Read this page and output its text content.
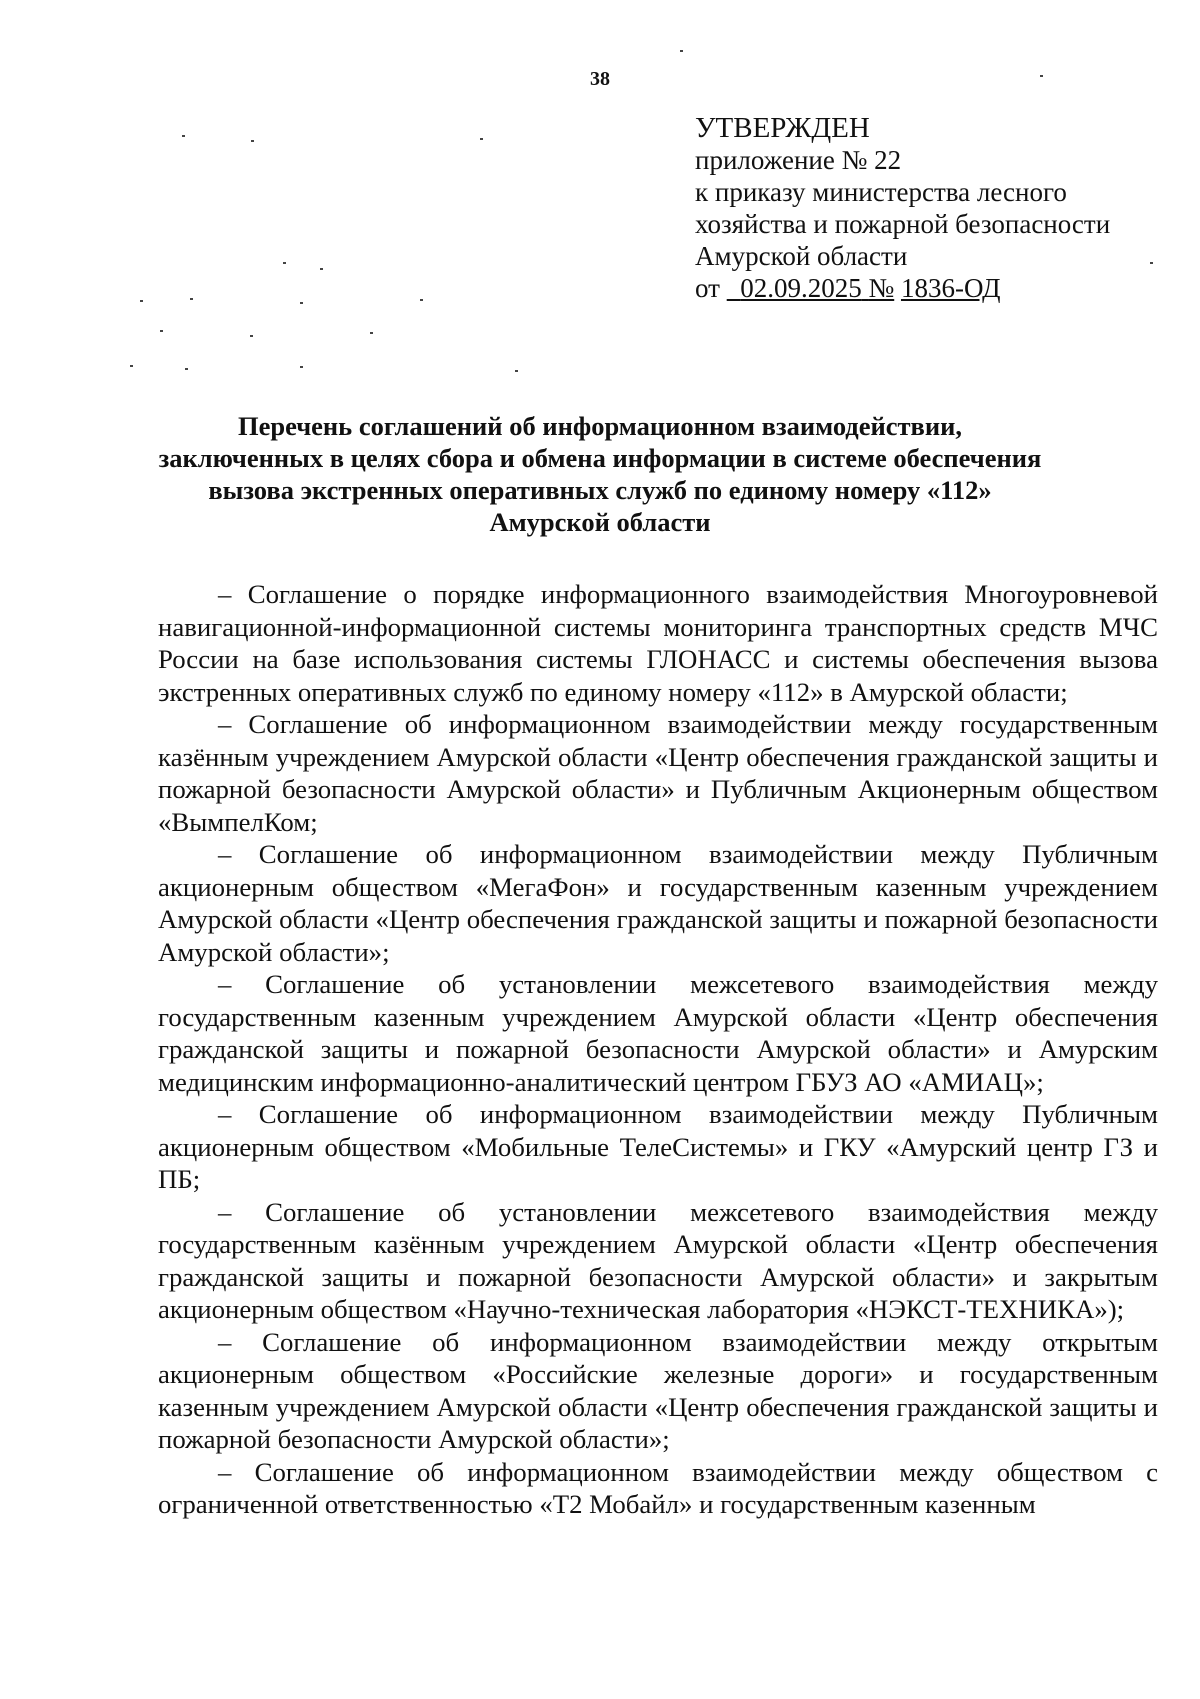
38
УТВЕРЖДЕН
приложение № 22
к приказу министерства лесного
хозяйства и пожарной безопасности
Амурской области
от 02.09.2025 № 1836-ОД
Перечень соглашений об информационном взаимодействии,
заключенных в целях сбора и обмена информации в системе обеспечения
вызова экстренных оперативных служб по единому номеру «112»
Амурской области

– Соглашение о порядке информационного взаимодействия Многоуровневой навигационной-информационной системы мониторинга транспортных средств МЧС России на базе использования системы ГЛОНАСС и системы обеспечения вызова экстренных оперативных служб по единому номеру «112» в Амурской области;

– Соглашение об информационном взаимодействии между государственным казённым учреждением Амурской области «Центр обеспечения гражданской защиты и пожарной безопасности Амурской области» и Публичным Акционерным обществом «ВымпелКом;

– Соглашение об информационном взаимодействии между Публичным акционерным обществом «МегаФон» и государственным казенным учреждением Амурской области «Центр обеспечения гражданской защиты и пожарной безопасности Амурской области»;

– Соглашение об установлении межсетевого взаимодействия между государственным казенным учреждением Амурской области «Центр обеспечения гражданской защиты и пожарной безопасности Амурской области» и Амурским медицинским информационно-аналитический центром ГБУЗ АО «АМИАЦ»;

– Соглашение об информационном взаимодействии между Публичным акционерным обществом «Мобильные ТелеСистемы» и ГКУ «Амурский центр ГЗ и ПБ;

– Соглашение об установлении межсетевого взаимодействия между государственным казённым учреждением Амурской области «Центр обеспечения гражданской защиты и пожарной безопасности Амурской области» и закрытым акционерным обществом «Научно-техническая лаборатория «НЭКСТ-ТЕХНИКА»);

– Соглашение об информационном взаимодействии между открытым акционерным обществом «Российские железные дороги» и государственным казенным учреждением Амурской области «Центр обеспечения гражданской защиты и пожарной безопасности Амурской области»;

– Соглашение об информационном взаимодействии между обществом с ограниченной ответственностью «Т2 Мобайл» и государственным казенным
